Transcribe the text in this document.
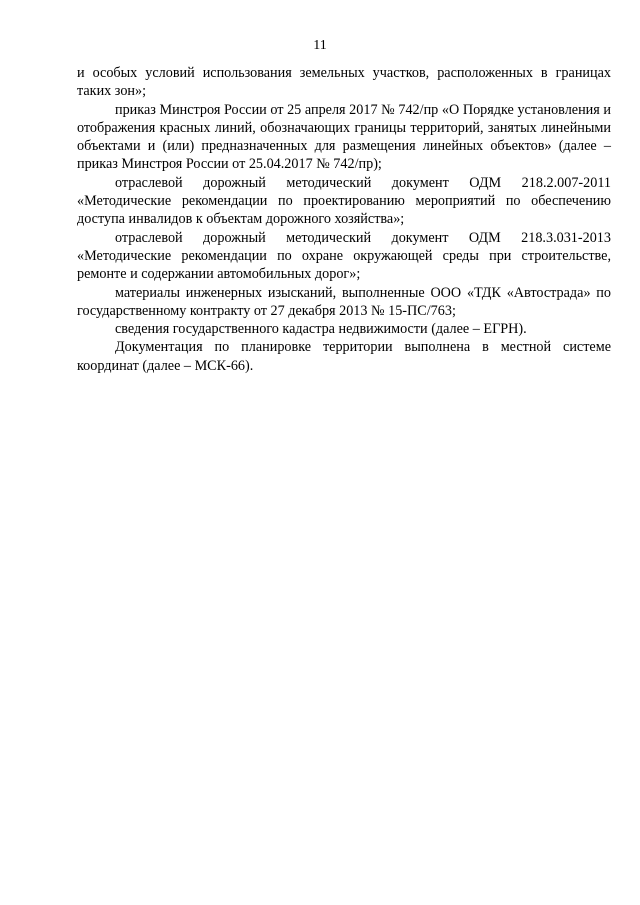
11

и особых условий использования земельных участков, расположенных в границах таких зон»;

приказ Минстроя России от 25 апреля 2017 № 742/пр «О Порядке установления и отображения красных линий, обозначающих границы территорий, занятых линейными объектами и (или) предназначенных для размещения линейных объектов» (далее – приказ Минстроя России от 25.04.2017 № 742/пр);

отраслевой дорожный методический документ ОДМ 218.2.007-2011 «Методические рекомендации по проектированию мероприятий по обеспечению доступа инвалидов к объектам дорожного хозяйства»;

отраслевой дорожный методический документ ОДМ 218.3.031-2013 «Методические рекомендации по охране окружающей среды при строительстве, ремонте и содержании автомобильных дорог»;

материалы инженерных изысканий, выполненные ООО «ТДК «Автострада» по государственному контракту от 27 декабря 2013 № 15-ПС/763;

сведения государственного кадастра недвижимости (далее – ЕГРН).

Документация по планировке территории выполнена в местной системе координат (далее – МСК-66).
